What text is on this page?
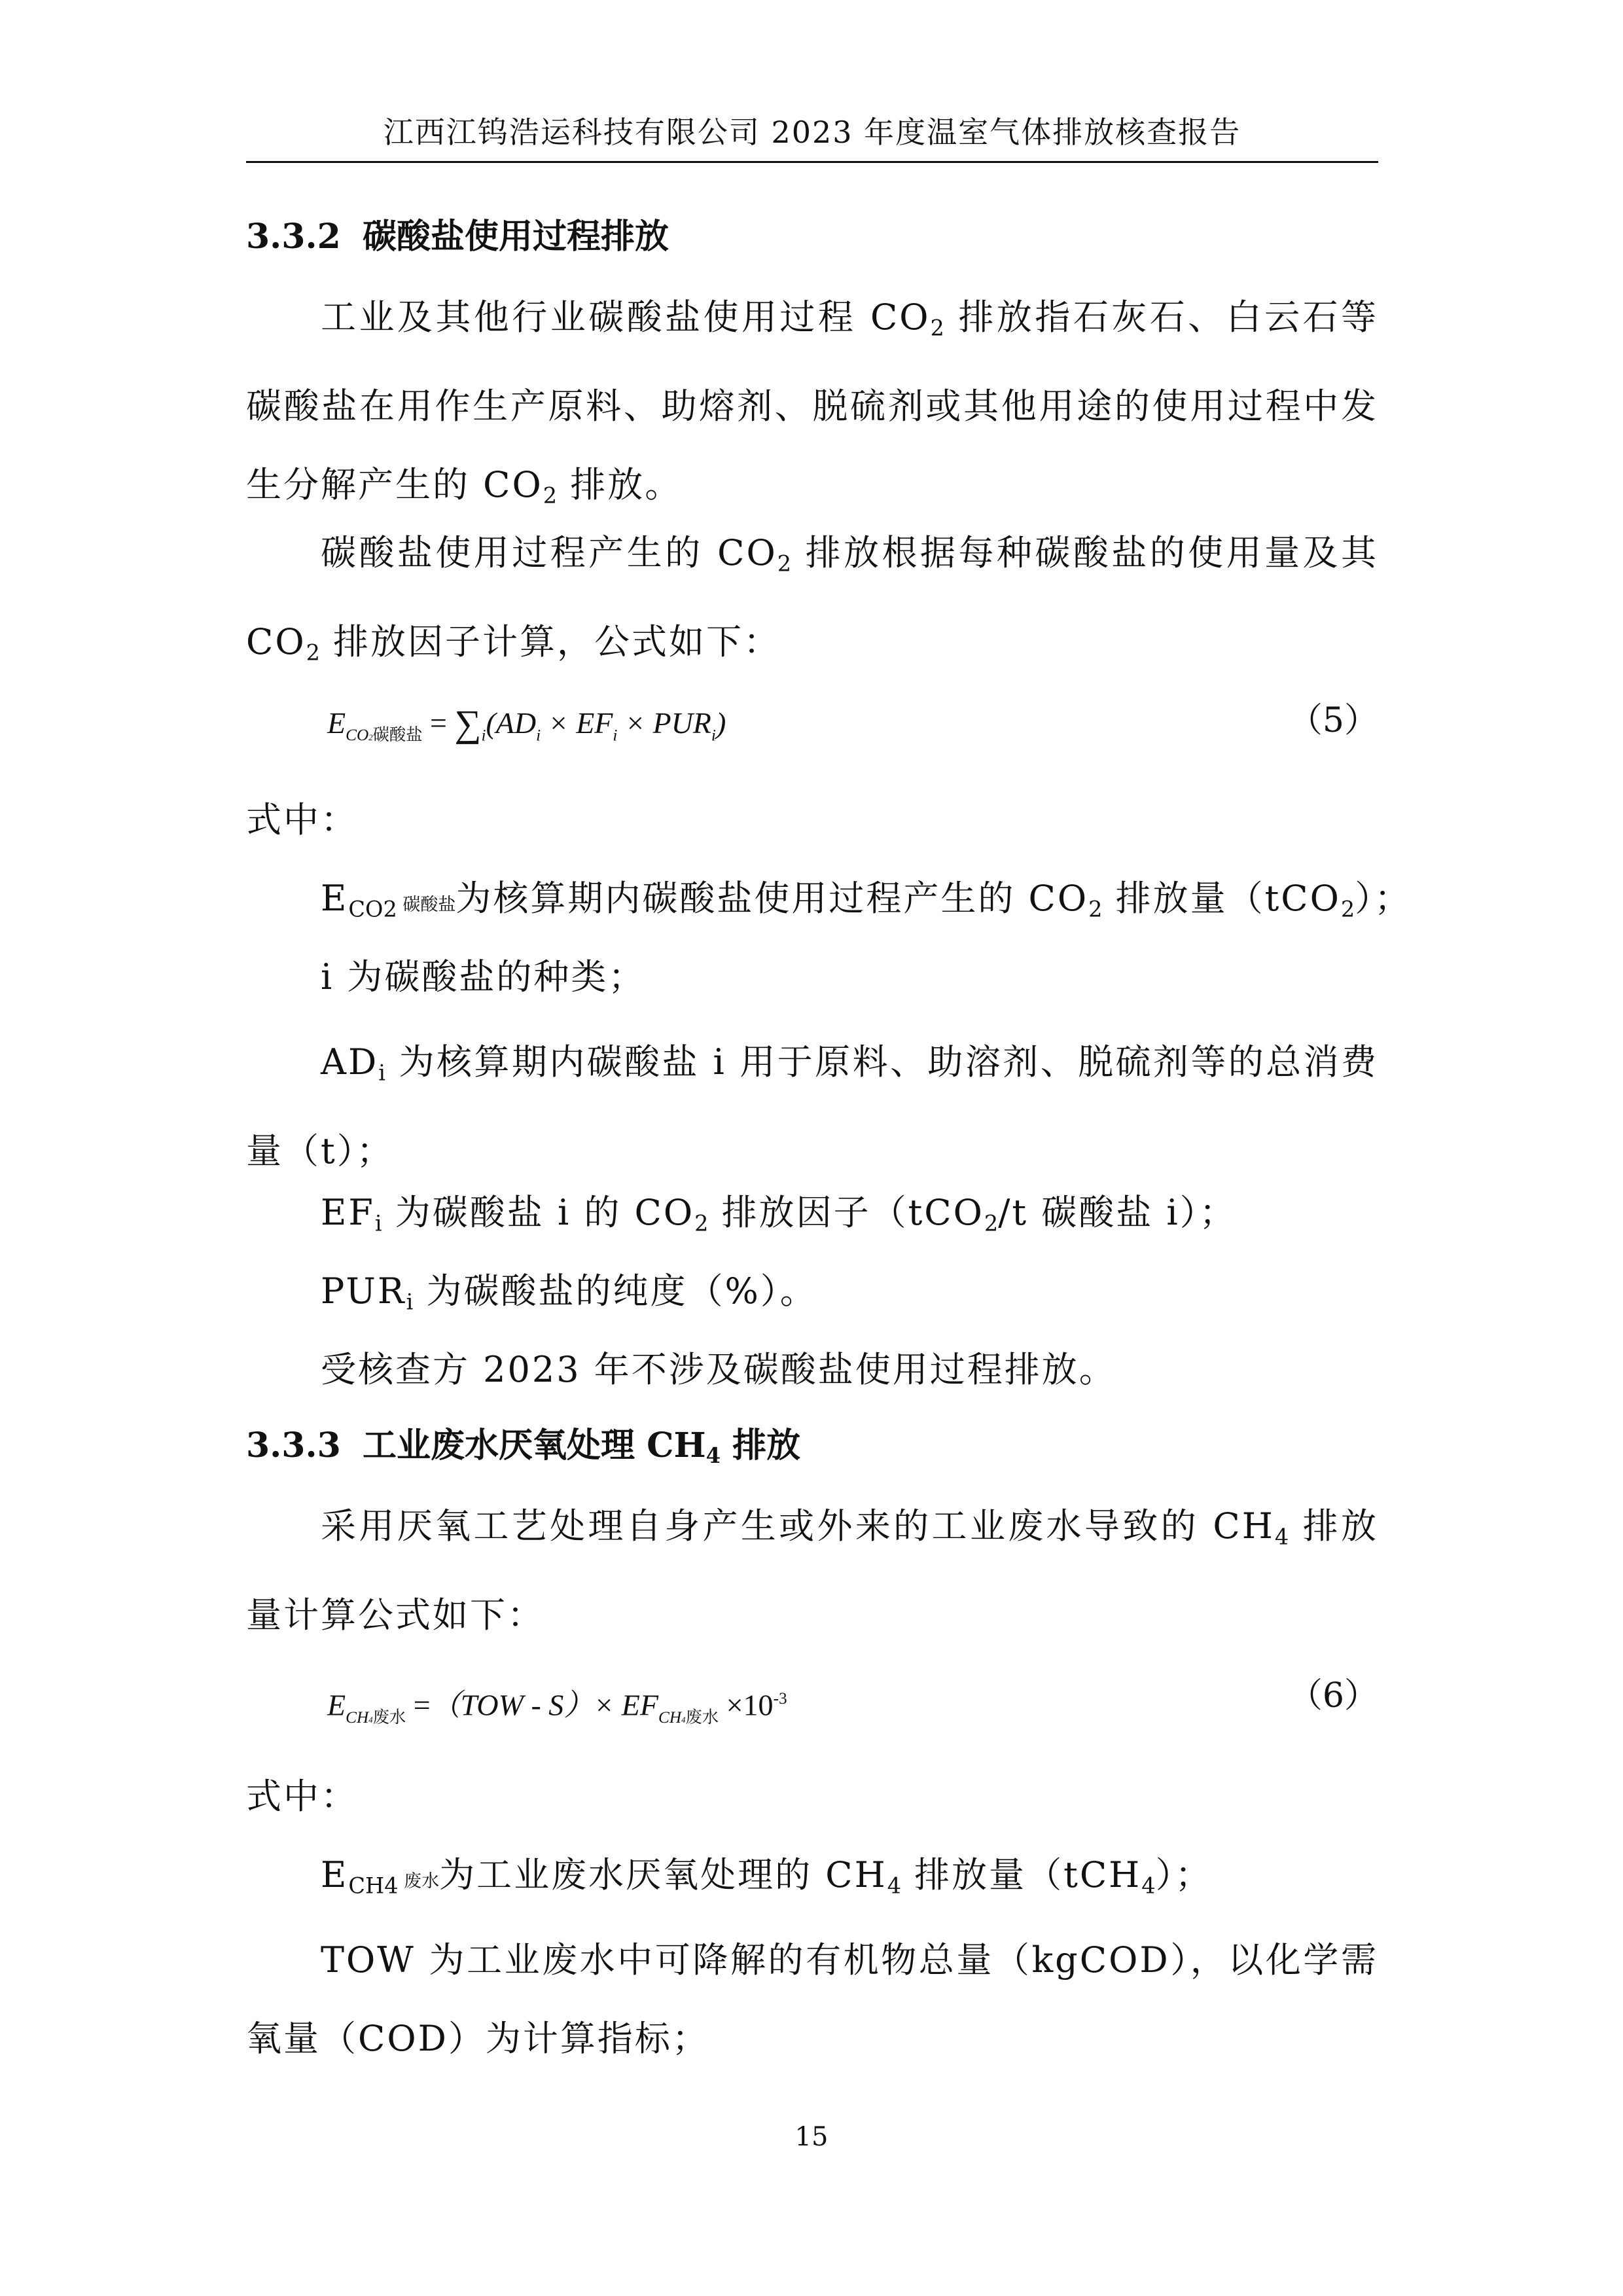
江西江钨浩运科技有限公司 2023 年度温室气体排放核查报告
3.3.2 碳酸盐使用过程排放
工业及其他行业碳酸盐使用过程 $CO_2$ 排放指石灰石、白云石等碳酸盐在用作生产原料、助熔剂、脱硫剂或其他用途的使用过程中发生分解产生的 $CO_2$ 排放。
碳酸盐使用过程产生的 $CO_2$ 排放根据每种碳酸盐的使用量及其 $CO_2$ 排放因子计算，公式如下：
$E_{CO2碳酸盐} = \sum_i(AD_i \times EF_i \times PUR_i)$	（5）
式中：
$E_{CO2}$ 碳酸盐为核算期内碳酸盐使用过程产生的 $CO_2$ 排放量（tCO$_2$）；
i 为碳酸盐的种类；
$AD_i$ 为核算期内碳酸盐 i 用于原料、助溶剂、脱硫剂等的总消费量（t）；
$EF_i$ 为碳酸盐 i 的 $CO_2$ 排放因子（tCO$_2$/t 碳酸盐 i）；
$PUR_i$ 为碳酸盐的纯度（%）。
受核查方 2023 年不涉及碳酸盐使用过程排放。
3.3.3 工业废水厌氧处理 $CH_4$ 排放
采用厌氧工艺处理自身产生或外来的工业废水导致的 $CH_4$ 排放量计算公式如下：
$E_{CH4废水} =(TOW - S)\times EF_{CH4废水} \times 10^{-3}$	（6）
式中：
$E_{CH4}$ 废水为工业废水厌氧处理的 $CH_4$ 排放量（tCH$_4$）；
TOW 为工业废水中可降解的有机物总量（kgCOD），以化学需氧量（COD）为计算指标；
15
